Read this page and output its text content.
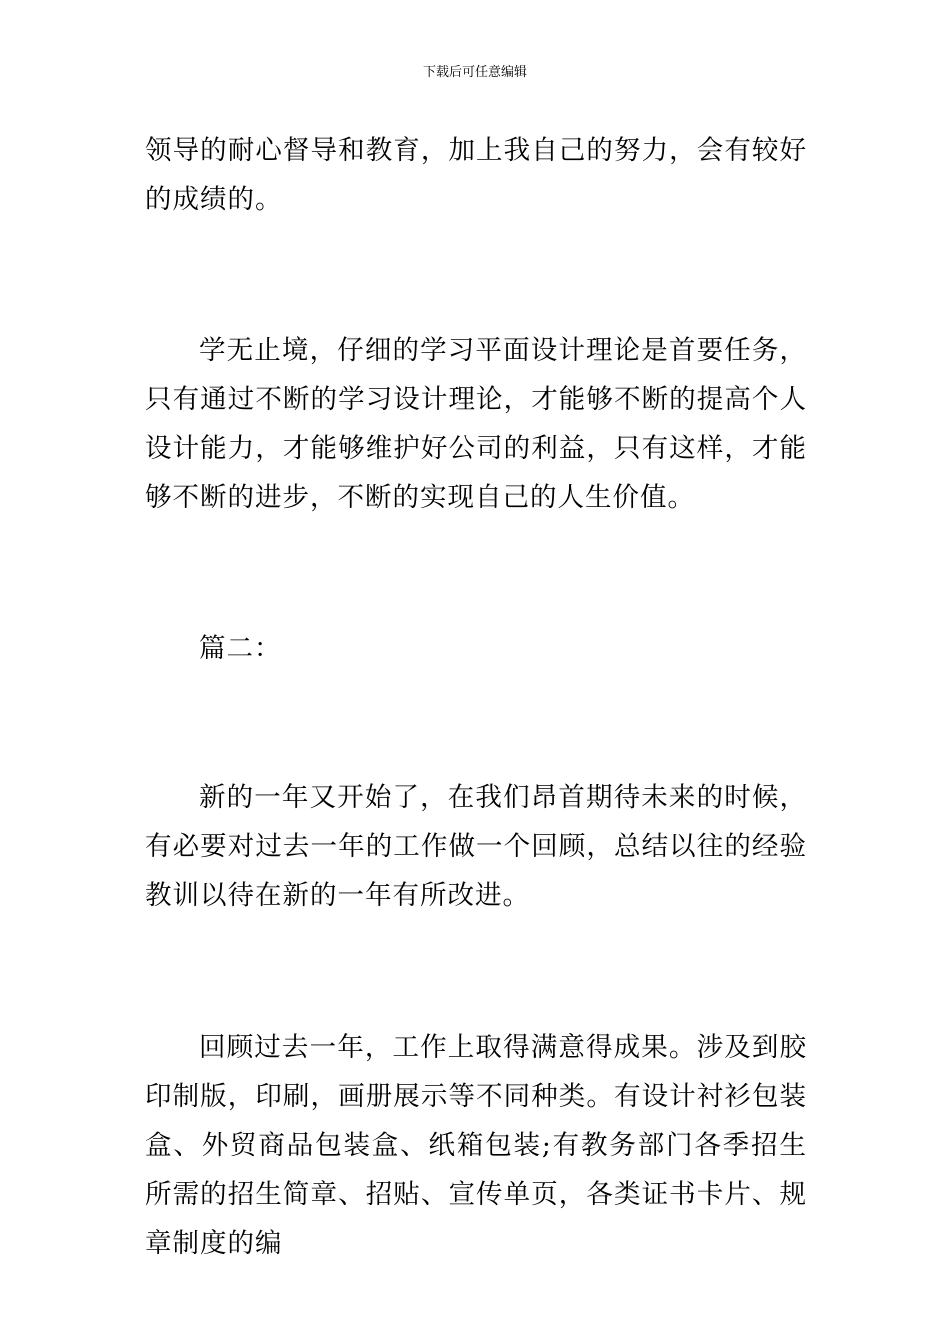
下载后可任意编辑

领导的耐心督导和教育，加上我自己的努力，会有较好的成绩的。

学无止境，仔细的学习平面设计理论是首要任务，只有通过不断的学习设计理论，才能够不断的提高个人设计能力，才能够维护好公司的利益，只有这样，才能够不断的进步，不断的实现自己的人生价值。

篇二：

新的一年又开始了，在我们昂首期待未来的时候，有必要对过去一年的工作做一个回顾，总结以往的经验教训以待在新的一年有所改进。

回顾过去一年，工作上取得满意得成果。涉及到胶印制版，印刷，画册展示等不同种类。有设计衬衫包装盒、外贸商品包装盒、纸箱包装;有教务部门各季招生所需的招生简章、招贴、宣传单页，各类证书卡片、规章制度的编
